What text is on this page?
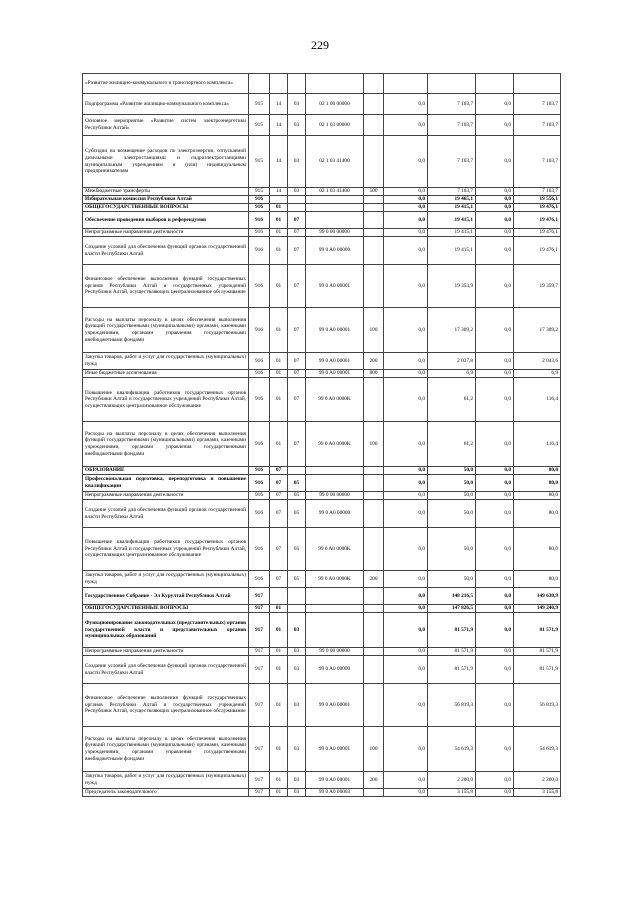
229
«Развитие жилищно-коммунального и транспортного комплекса»									
Подпрограмма «Развитие жилищно-коммунального комплекса»	915	14	03	02 1 00 00000		0,0	7 103,7	0,0	7 103,7
Основное мероприятие «Развитие систем электроэнергетики Республики Алтай»	915	14	03	02 1 03 00000		0,0	7 103,7	0,0	7 103,7
Субсидии на возмещение расходов по электроэнергии, отпускаемой дизельными электростанциями и гидроэлектростанциями муниципальным учреждениям и (или) индивидуальным предпринимателям	915	14	03	02 1 03 41400		0,0	7 103,7	0,0	7 103,7
Межбюджетные трансферты	915	14	03	02 1 03 41400	500	0,0	7 103,7	0,0	7 103,7
Избирательная комиссия Республики Алтай	916					0,0	19 465,1	0,0	19 556,1
ОБЩЕГОСУДАРСТВЕННЫЕ ВОПРОСЫ	916	01				0,0	19 415,1	0,0	19 476,1
Обеспечение проведения выборов и референдумов	916	01	07			0,0	19 415,1	0,0	19 476,1
Непрограммные направления деятельности	916	01	07	99 0 00 00000		0,0	19 415,1	0,0	19 476,1
Создание условий для обеспечения функций органов государственной власти Республики Алтай	916	01	07	99 0 A0 00000		0,0	19 415,1	0,0	19 476,1
Финансовое обеспечение выполнения функций государственных органов Республики Алтай и государственных учреждений Республики Алтай, осуществляющих централизованное обслуживание	916	01	07	99 0 A0 00001		0,0	19 353,9	0,0	19 359,7
Расходы на выплаты персоналу в целях обеспечения выполнения функций государственными (муниципальными) органами, казенными учреждениями, органами управления государственными внебюджетными фондами	916	01	07	99 0 A0 00001	100	0,0	17 309,2	0,0	17 309,2
Закупка товаров, работ и услуг для государственных (муниципальных) нужд	916	01	07	99 0 A0 00001	200	0,0	2 037,8	0,0	2 043,6
Иные бюджетные ассигнования	916	01	07	99 0 A0 00001	800	0,0	6,9	0,0	6,9
Повышение квалификации работников государственных органов Республики Алтай и государственных учреждений Республики Алтай, осуществляющих централизованное обслуживание	916	01	07	99 0 A0 0000K		0,0	61,2	0,0	116,4
Расходы на выплаты персоналу в целях обеспечения выполнения функций государственными (муниципальными) органами, казенными учреждениями, органами управления государственными внебюджетными фондами	916	01	07	99 0 A0 0000K	100	0,0	61,2	0,0	116,4
ОБРАЗОВАНИЕ	916	07				0,0	50,0	0,0	80,0
Профессиональная подготовка, переподготовка и повышение квалификации	916	07	05			0,0	50,0	0,0	80,0
Непрограммные направления деятельности	916	07	05	99 0 00 00000		0,0	50,0	0,0	80,0
Создание условий для обеспечения функций органов государственной власти Республики Алтай	916	07	05	99 0 A0 00000		0,0	50,0	0,0	80,0
Повышение квалификации работников государственных органов Республики Алтай и государственных учреждений Республики Алтай, осуществляющих централизованное обслуживание	916	07	05	99 0 A0 0000K		0,0	50,0	0,0	80,0
Закупка товаров, работ и услуг для государственных (муниципальных) нужд	916	07	05	99 0 A0 0000K	200	0,0	50,0	0,0	80,0
Государственное Собрание - Эл Курултай Республики Алтай	917					0,0	148 216,5	0,0	149 630,9
ОБЩЕГОСУДАРСТВЕННЫЕ ВОПРОСЫ	917	01				0,0	147 826,5	0,0	149 240,9
Функционирование законодательных (представительных) органов государственной власти и представительных органов муниципальных образований	917	01	03			0,0	81 571,9	0,0	81 571,9
Непрограммные направления деятельности	917	01	03	99 0 00 00000		0,0	81 571,9	0,0	81 571,9
Создание условий для обеспечения функций органов государственной власти Республики Алтай	917	01	03	99 0 A0 00000		0,0	81 571,9	0,0	81 571,9
Финансовое обеспечение выполнения функций государственных органов Республики Алтай и государственных учреждений Республики Алтай, осуществляющих централизованное обслуживание	917	01	03	99 0 A0 00001		0,0	56 819,3	0,0	56 819,3
Расходы на выплаты персоналу в целях обеспечения выполнения функций государственными (муниципальными) органами, казенными учреждениями, органами управления государственными внебюджетными фондами	917	01	03	99 0 A0 00001	100	0,0	54 619,3	0,0	54 619,3
Закупка товаров, работ и услуг для государственных (муниципальных) нужд	917	01	03	99 0 A0 00001	200	0,0	2 200,0	0,0	2 200,0
Председатель законодательного	917	01	03	99 0 A0 00003		0,0	3 155,8	0,0	3 155,8
